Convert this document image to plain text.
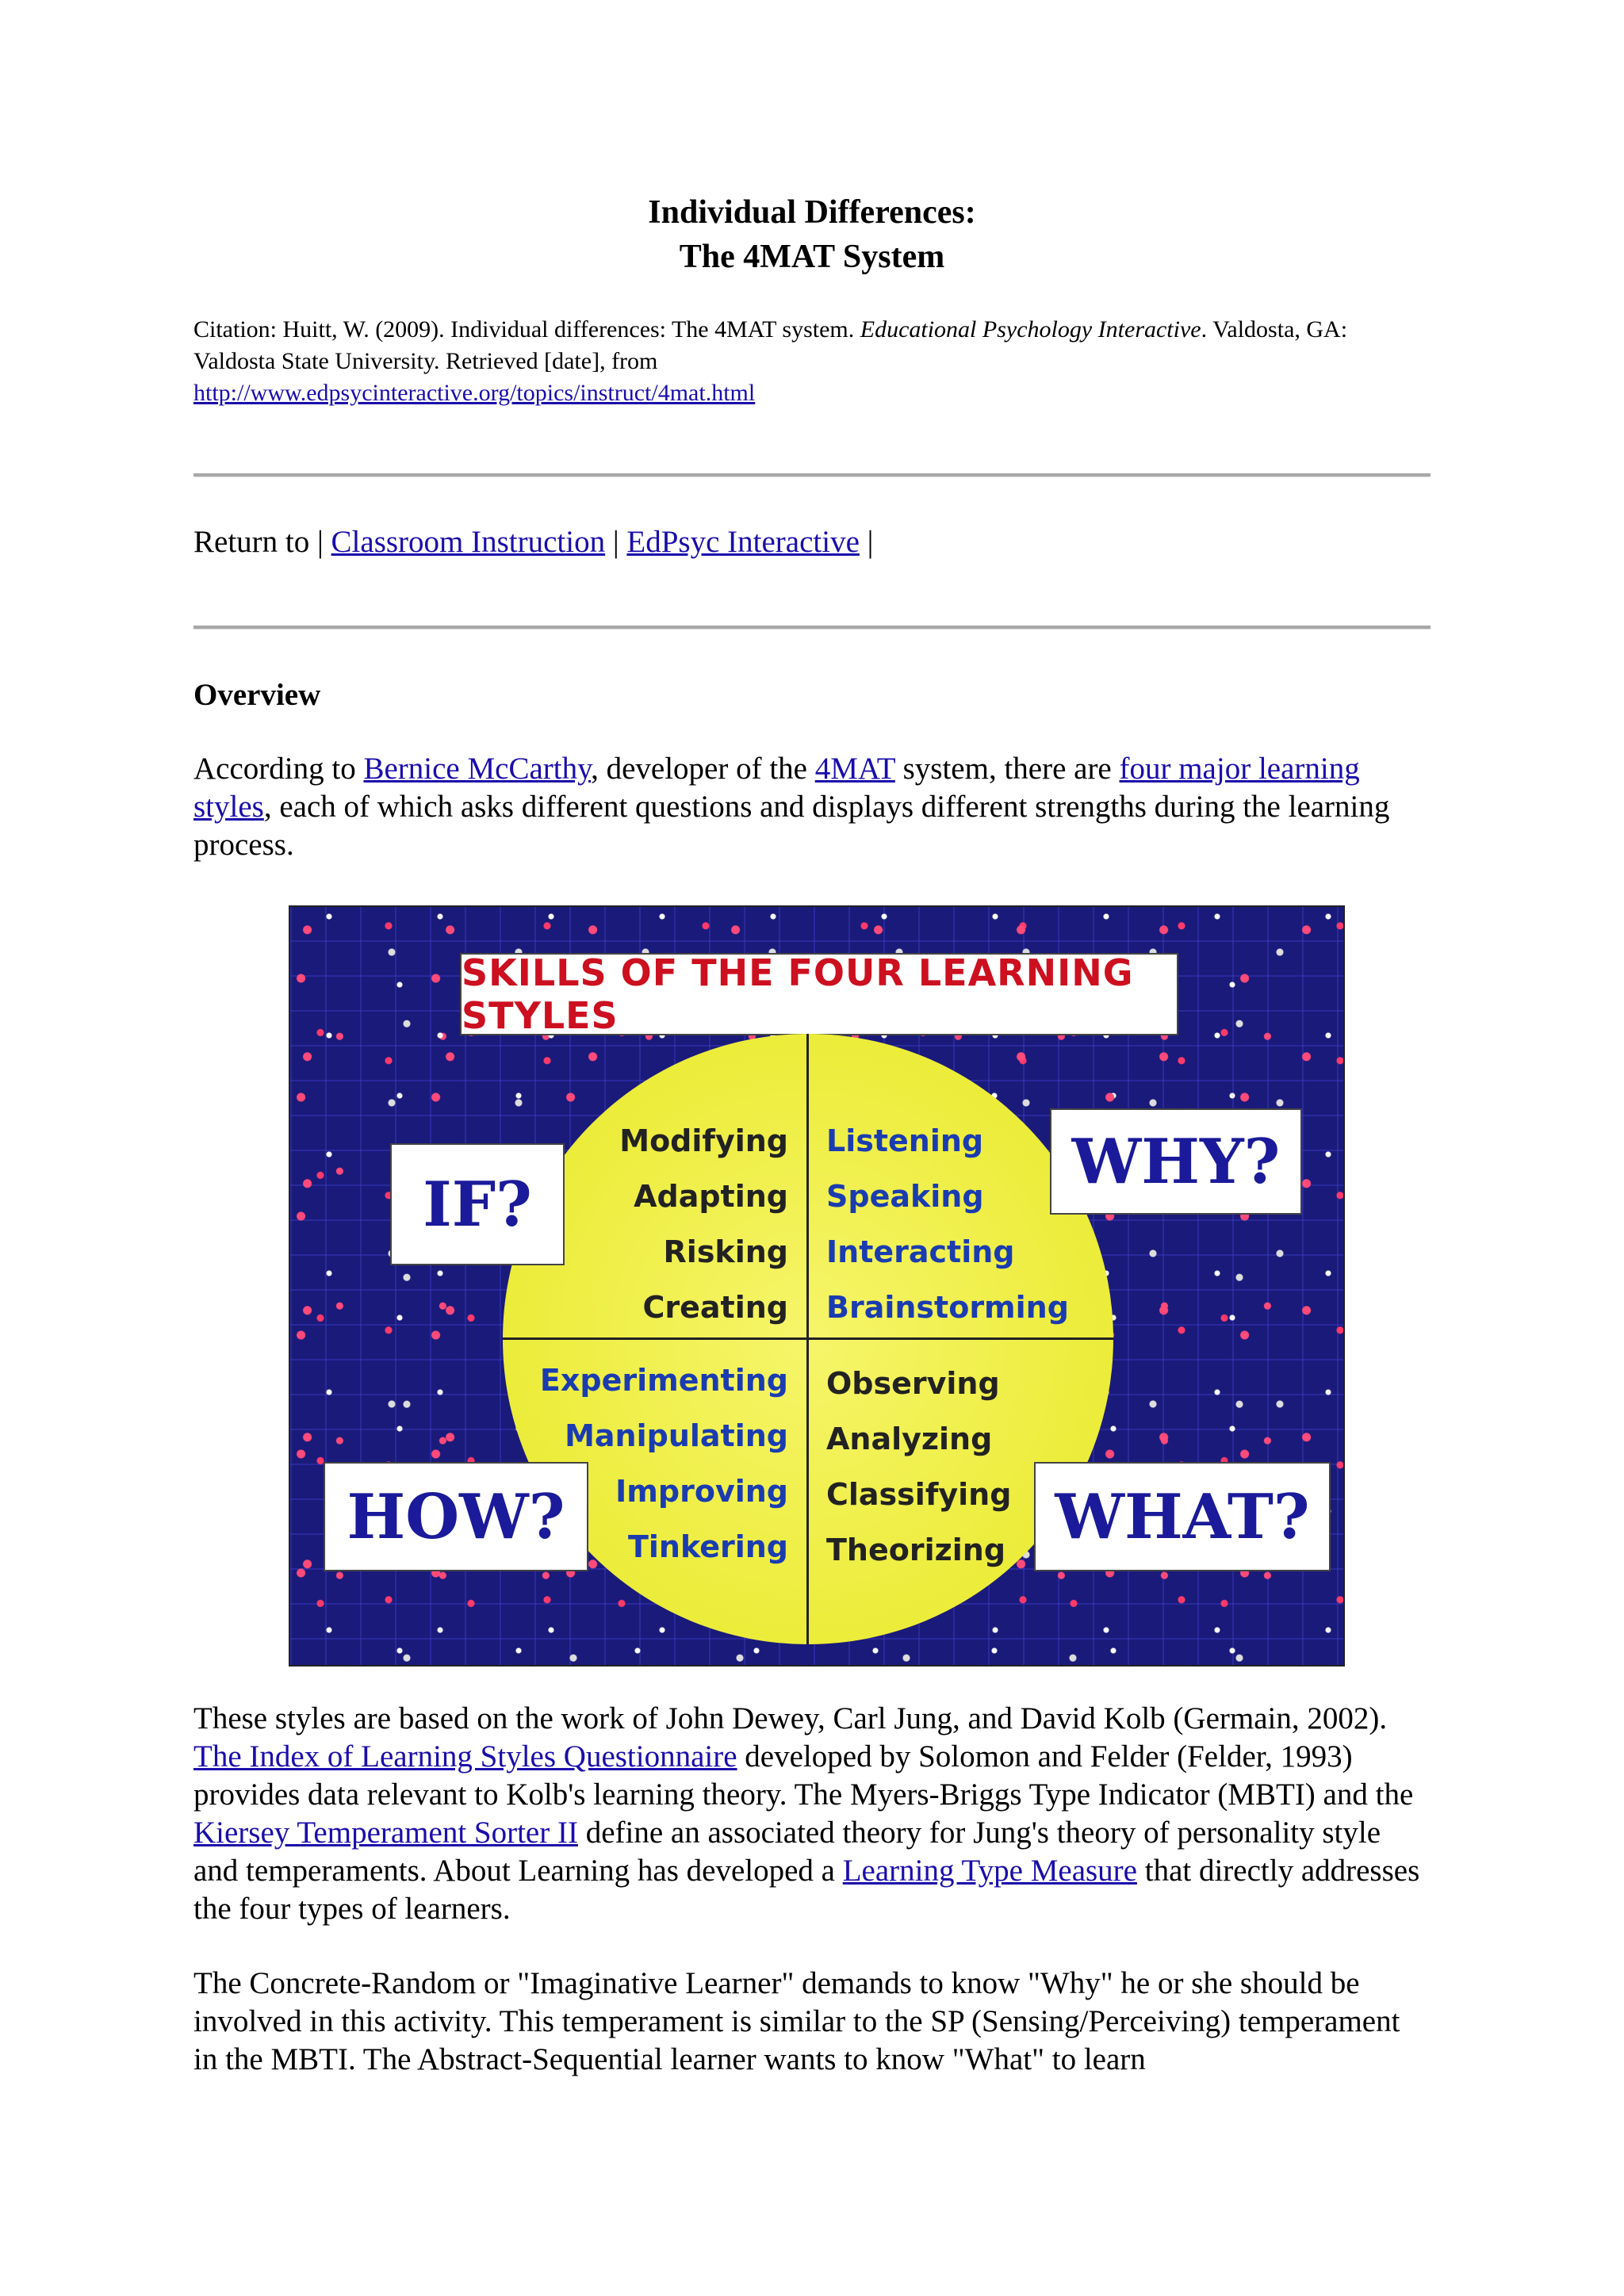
Individual Differences:
The 4MAT System
Citation: Huitt, W. (2009). Individual differences: The 4MAT system. Educational Psychology Interactive. Valdosta, GA: Valdosta State University. Retrieved [date], from
http://www.edpsycinteractive.org/topics/instruct/4mat.html
Return to | Classroom Instruction | EdPsyc Interactive |
Overview
According to Bernice McCarthy, developer of the 4MAT system, there are four major learning styles, each of which asks different questions and displays different strengths during the learning process.
SKILLS OF THE FOUR LEARNING STYLES
Modifying
Adapting
Risking
Creating
Listening
Speaking
Interacting
Brainstorming
Experimenting
Manipulating
Improving
Tinkering
Observing
Analyzing
Classifying
Theorizing
IF?
WHY?
HOW?	WHAT?
These styles are based on the work of John Dewey, Carl Jung, and David Kolb (Germain, 2002). The Index of Learning Styles Questionnaire developed by Solomon and Felder (Felder, 1993) provides data relevant to Kolb's learning theory. The Myers-Briggs Type Indicator (MBTI) and the Kiersey Temperament Sorter II define an associated theory for Jung's theory of personality style and temperaments. About Learning has developed a Learning Type Measure that directly addresses the four types of learners.
The Concrete-Random or "Imaginative Learner" demands to know "Why" he or she should be involved in this activity. This temperament is similar to the SP (Sensing/Perceiving) temperament in the MBTI. The Abstract-Sequential learner wants to know "What" to learn
